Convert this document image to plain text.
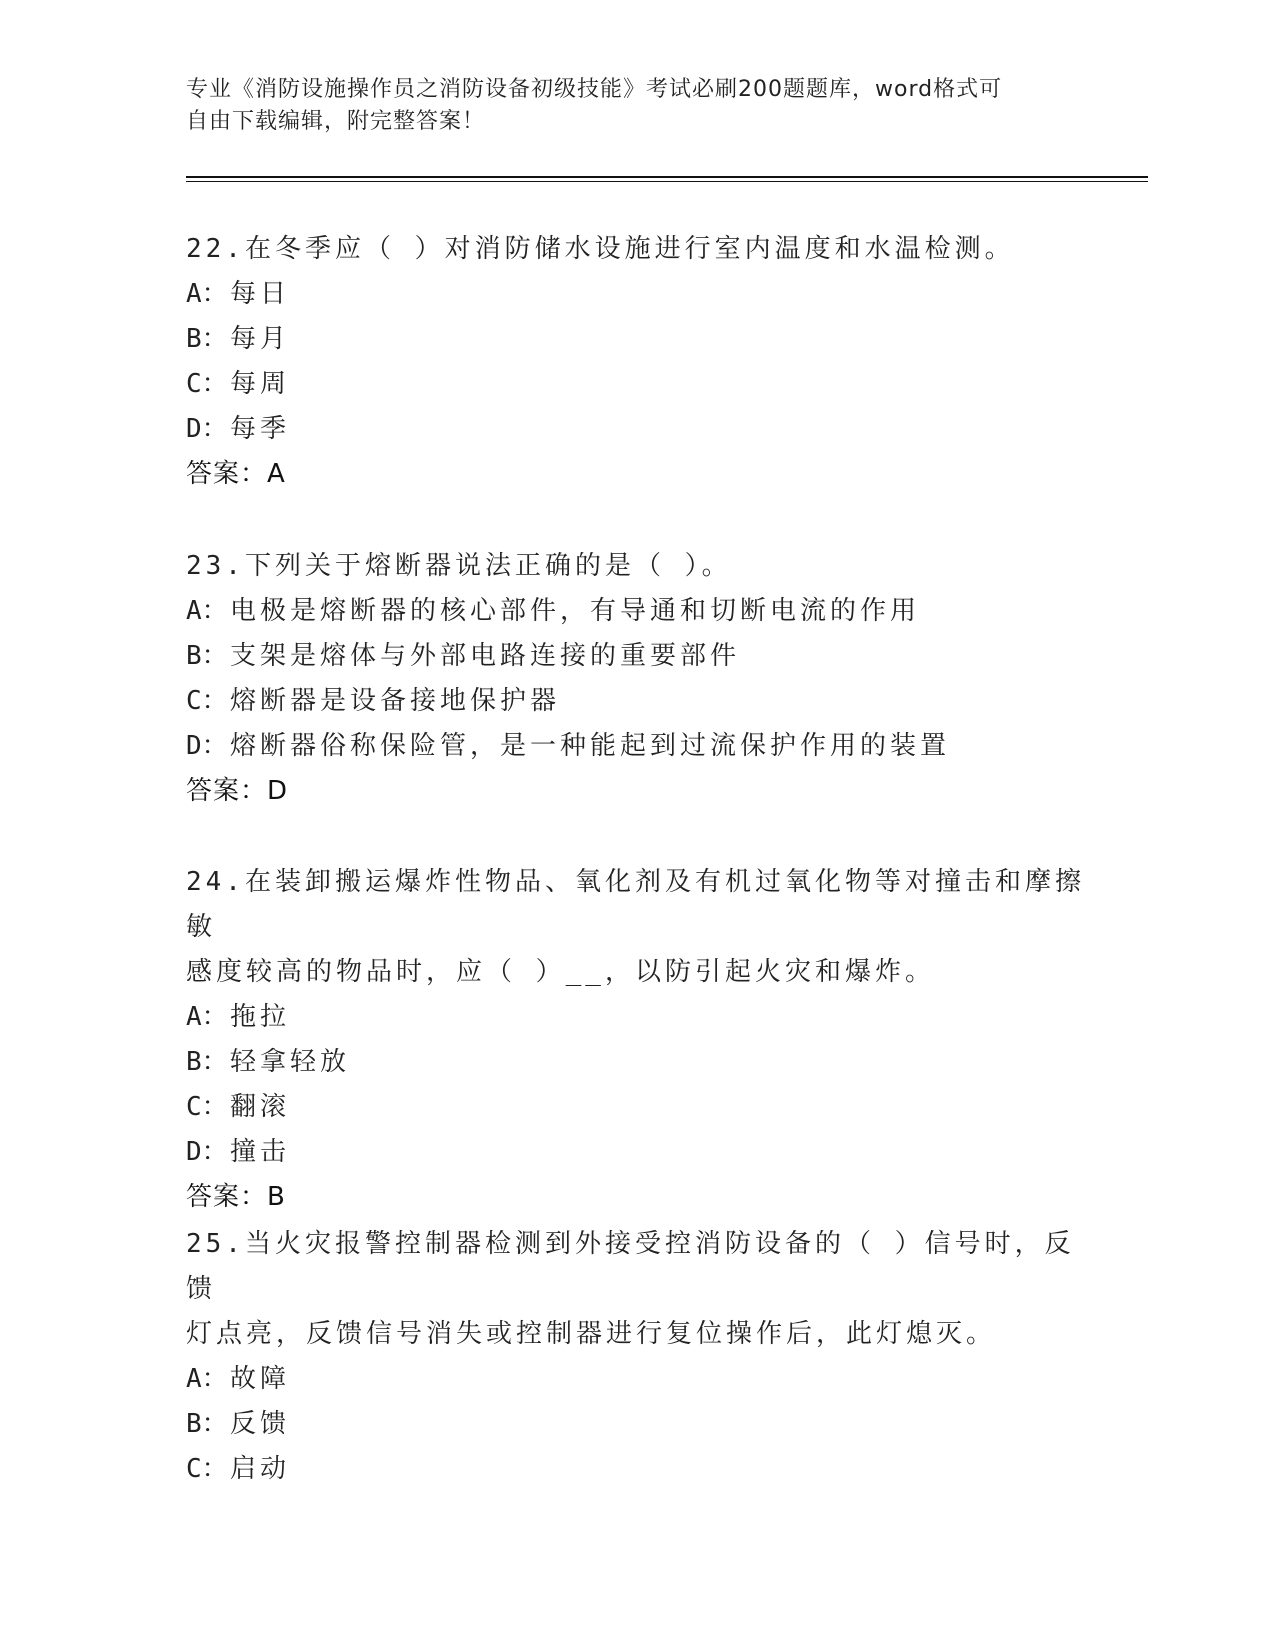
专业《消防设施操作员之消防设备初级技能》考试必刷200题题库，word格式可
自由下载编辑，附完整答案！
22.在冬季应（ ）对消防储水设施进行室内温度和水温检测。
A：每日
B：每月
C：每周
D：每季
答案：A
23.下列关于熔断器说法正确的是（ ）。
A：电极是熔断器的核心部件，有导通和切断电流的作用
B：支架是熔体与外部电路连接的重要部件
C：熔断器是设备接地保护器
D：熔断器俗称保险管，是一种能起到过流保护作用的装置
答案：D
24.在装卸搬运爆炸性物品、氧化剂及有机过氧化物等对撞击和摩擦敏
感度较高的物品时，应（ ）__，以防引起火灾和爆炸。
A：拖拉
B：轻拿轻放
C：翻滚
D：撞击
答案：B
25.当火灾报警控制器检测到外接受控消防设备的（ ）信号时，反馈
灯点亮，反馈信号消失或控制器进行复位操作后，此灯熄灭。
A：故障
B：反馈
C：启动
